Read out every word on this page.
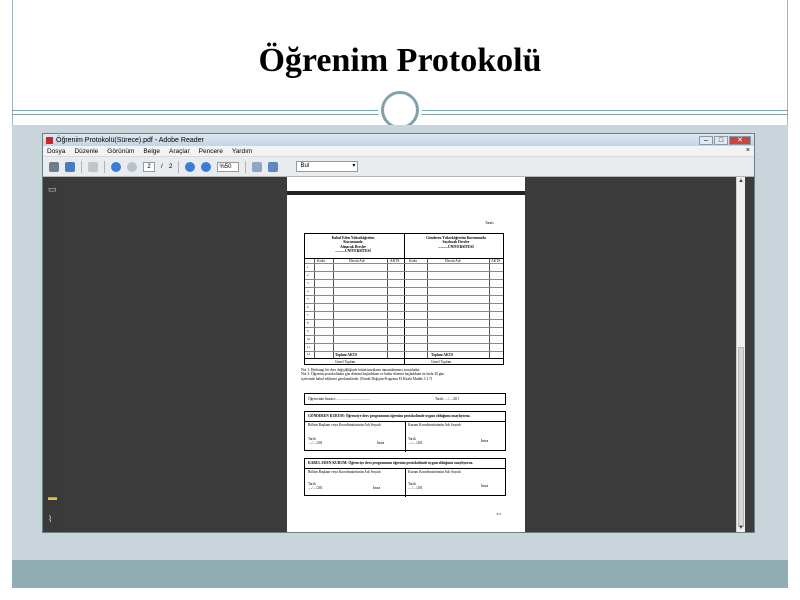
Öğrenim Protokolü
Öğrenim Protokolü(Sürece).pdf - Adobe Reader	–	□	✕
Dosya Düzenle Görünüm Belge Araçlar Pencere Yardım	×
2	/ 2	%50	Bul ▾
▭
▬
⌇
Tarafı
Kabul Eden Yükseköğretim
Kurumunda
Alınacak Dersler
...........ÜNİVERSİTESİ
Gönderen Yükseköğretim Kurumunda
Sayılacak Dersler
...........ÜNİVERSİTESİ
Kodu	Dersin Adı	AKTS	Kodu	Dersin Adı	AKTS
1
2
3
4
5
6
7
8
9
10
11
12	Toplam AKTS	Toplam AKTS
Genel Toplam	Genel Toplam
Not 1: Herhangi bir ders değişikliğinde bütün imzaların tamamlanması zorunludur.
Not 2: Öğrenim protokolünün güz dönemi başladıktan ve bahar dönemi başladıktan en fazla 30 gün
içerisinde kabul edilmesi gerekmektedir. (Farabi Değişim Programı El Kitabı Madde 3.1.7)
Öğrencinin İmzası: .....................................	Tarih: ..../..../201
GÖNDEREN KURUM: Öğrenciye ders programının öğrenim protokolünde uygun olduğunu onaylıyoruz.
Bölüm Başkanı veya Koordinatörünün Adı Soyadı	Kurum Koordinatörünün Adı Soyadı
Tarih
..../..../201	İmza
Tarih
..../..../201	İmza
KABUL EDEN KURUM: Öğrenciye ders programının öğrenim protokolünde uygun olduğunu onaylıyoruz.
Bölüm Başkanı veya Koordinatörünün Adı Soyadı	Kurum Koordinatörünün Adı Soyadı
Tarih
..../..../201	İmza
Tarih
..../..../201	İmza
2/2
▲
▼
